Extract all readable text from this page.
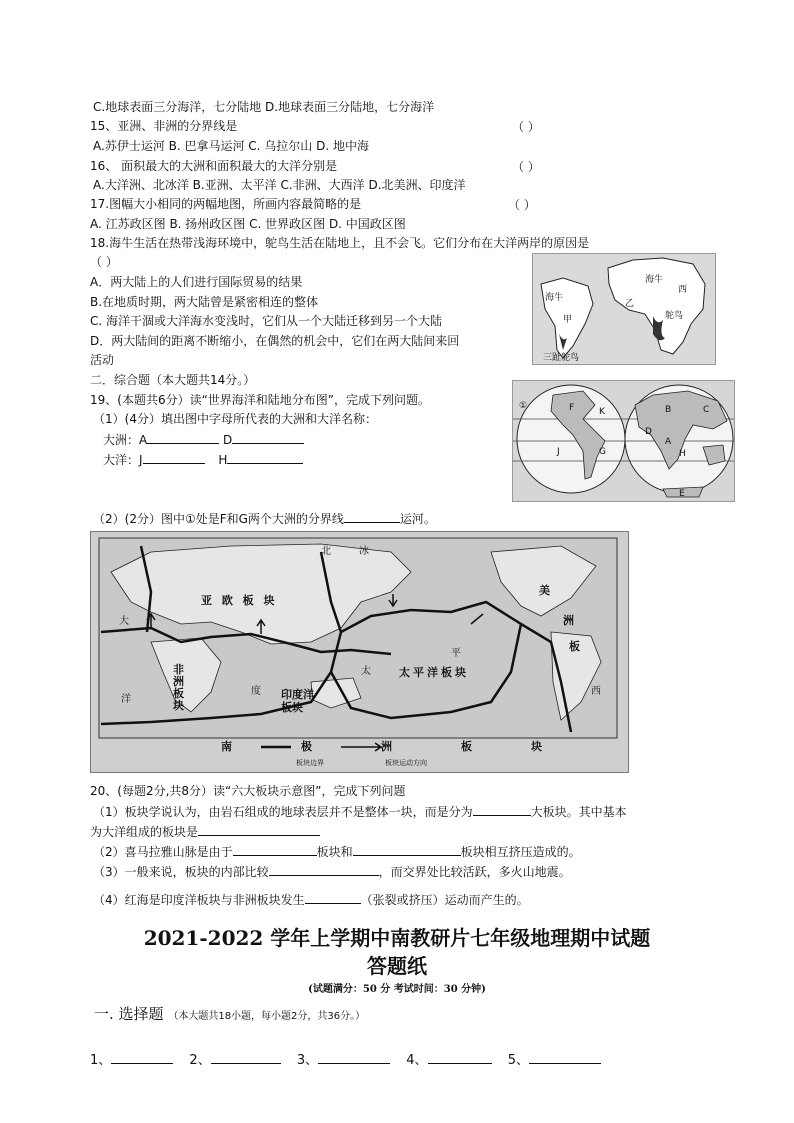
C.地球表面三分海洋，七分陆地 D.地球表面三分陆地，七分海洋
15、亚洲、非洲的分界线是	（ ）
A.苏伊士运河 B. 巴拿马运河 C. 乌拉尔山 D. 地中海
16、 面积最大的大洲和面积最大的大洋分别是	（ ）
A.大洋洲、北冰洋 B.亚洲、太平洋 C.非洲、大西洋 D.北美洲、印度洋
17.图幅大小相同的两幅地图，所画内容最简略的是	（ ）
A. 江苏政区图 B. 扬州政区图 C. 世界政区图 D. 中国政区图
18.海牛生活在热带浅海环境中，鸵鸟生活在陆地上，且不会飞。它们分布在大洋两岸的原因是
（ ）
A．两大陆上的人们进行国际贸易的结果
B.在地质时期，两大陆曾是紧密相连的整体
C. 海洋干涸或大洋海水变浅时，它们从一个大陆迁移到另一个大陆
D．两大陆间的距离不断缩小，在偶然的机会中，它们在两大陆间来回
活动
海牛
甲
海牛
西
乙
鸵鸟
三趾鸵鸟
二．综合题（本大题共14分。）
19、(本题共6分）读“世界海洋和陆地分布图”，完成下列问题。
（1）(4分）填出图中字母所代表的大洲和大洋名称：
大洲：A	D
大洋：J	H
①	F	K	B	C
J	G
A
D
H
E
（2）(2分）图中①处是F和G两个大洲的分界线	运河。
亚 欧 板 块
非
洲
板
块
印度洋
板块
太平洋板块
南	极	洲	板	块
美
洲
板
北	冰
大
太
平
度
洋
西
板块边界	板块运动方向
20、(每题2分,共8分）读“六大板块示意图”，完成下列问题
（1）板块学说认为，由岩石组成的地球表层并不是整体一块，而是分为	大板块。其中基本
为大洋组成的板块是
（2）喜马拉雅山脉是由于	板块和	板块相互挤压造成的。
（3）一般来说，板块的内部比较	，而交界处比较活跃，多火山地震。
（4）红海是印度洋板块与非洲板块发生	（张裂或挤压）运动而产生的。
2021-2022 学年上学期中南教研片七年级地理期中试题
答题纸
(试题满分：50 分 考试时间：30 分钟)
一. 选择题 （本大题共18小题，每小题2分，共36分。）
1、	2、	3、	4、	5、
